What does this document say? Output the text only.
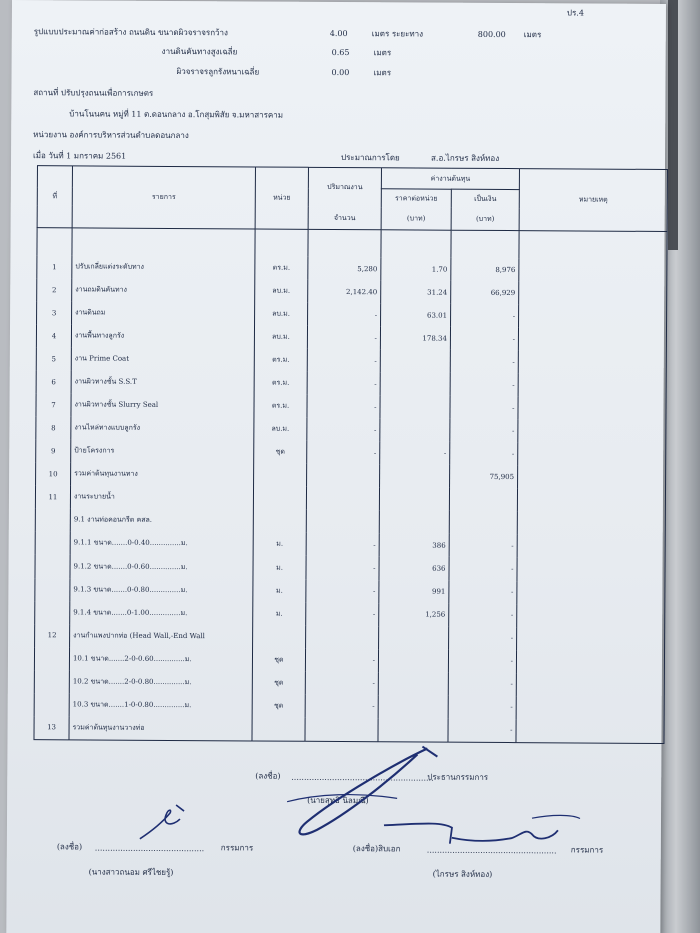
ปร.4
รูปแบบประมาณค่าก่อสร้าง ถนนดิน ขนาดผิวจราจรกว้าง	4.00	เมตร ระยะทาง	800.00 เมตร
งานดินคันทางสูงเฉลี่ย	0.65	เมตร
ผิวจราจรลูกรังหนาเฉลี่ย	0.00	เมตร
สถานที่ ปรับปรุงถนนเพื่อการเกษตร
บ้านโนนคน หมู่ที่ 11 ต.ดอนกลาง อ.โกสุมพิสัย จ.มหาสารคาม
หน่วยงาน องค์การบริหารส่วนตำบลดอนกลาง
เมื่อ วันที่ 1 มกราคม 2561	ประมาณการโดย	ส.อ.ไกรษร สิงห์ทอง
ที่	รายการ	หน่วย	ปริมาณงาน	ค่างานต้นทุน		หมายเหตุ
				ราคาต่อหน่วย	เป็นเงิน	
			จำนวน	(บาท)	(บาท)	

1	ปรับเกลี่ยแต่งระดับทาง	ตร.ม.	5,280	1.70	8,976	
2	งานถมดินคันทาง	ลบ.ม.	2,142.40	31.24	66,929	
3	งานดินถม	ลบ.ม.	-	63.01	-	
4	งานพื้นทางลูกรัง	ลบ.ม.	-	178.34	-	
5	งาน Prime Coat	ตร.ม.	-		-	
6	งานผิวทางชั้น S.S.T	ตร.ม.	-		-	
7	งานผิวทางชั้น Slurry Seal	ตร.ม.	-		-	
8	งานไหล่ทางแบบลูกรัง	ลบ.ม.	-		-	
9	ป้ายโครงการ	ชุด	-	-	-	
10	รวมค่าต้นทุนงานทาง				75,905	
11	งานระบายน้ำ					
	9.1 งานท่อคอนกรีต คสล.					
	9.1.1 ขนาด.......0-0.40..............ม.	ม.	-	386	-	
	9.1.2 ขนาด.......0-0.60..............ม.	ม.	-	636	-	
	9.1.3 ขนาด.......0-0.80..............ม.	ม.	-	991	-	
	9.1.4 ขนาด.......0-1.00..............ม.	ม.	-	1,256	-	
12	งานกำแพงปากท่อ (Head Wall,-End Wall				-	
	10.1 ขนาด.......2-0-0.60..............ม.	ชุด	-		-	
	10.2 ขนาด.......2-0-0.80..............ม.	ชุด	-		-	
	10.3 ขนาด.......1-0-0.80..............ม.	ชุด	-		-	
13	รวมค่าต้นทุนงานวางท่อ				-	
(ลงชื่อ) ........................................................
ประธานกรรมการ
(นายสุทธิ นิลมณี)
(ลงชื่อ) ........................................... กรรมการ
(นางสาวถนอม ศรีไชยรู้)
(ลงชื่อ)สิบเอก	................................................... กรรมการ
(ไกรษร สิงห์ทอง)
